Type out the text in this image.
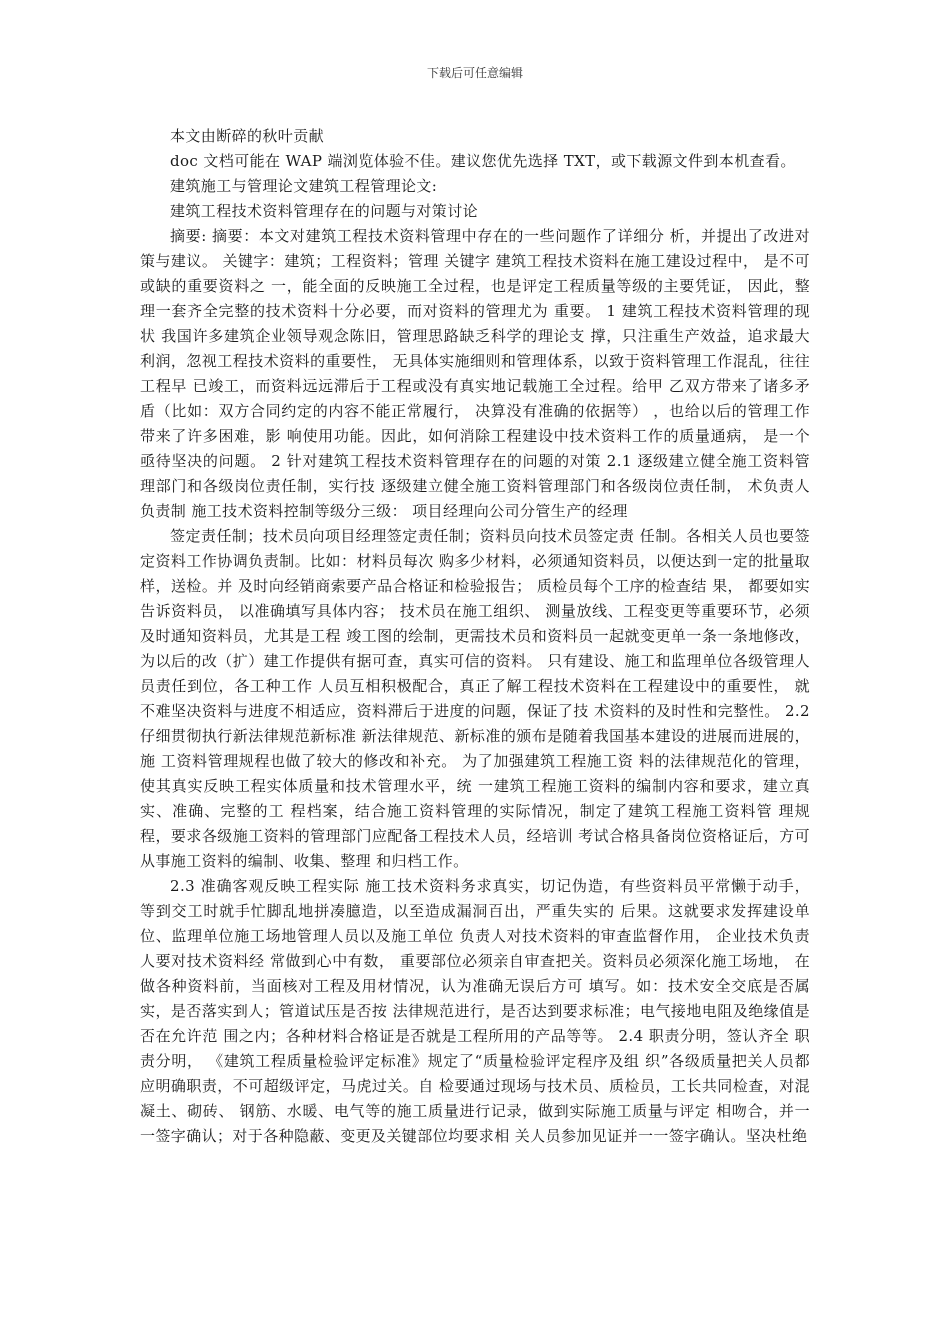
下载后可任意编辑

本文由断碎的秋叶贡献

doc 文档可能在 WAP 端浏览体验不佳。建议您优先选择 TXT，或下载源文件到本机查看。

建筑施工与管理论文建筑工程管理论文:

建筑工程技术资料管理存在的问题与对策讨论

摘要: 摘要：本文对建筑工程技术资料管理中存在的一些问题作了详细分 析，并提出了改进对策与建议。 关键字：建筑；工程资料；管理 关键字 建筑工程技术资料在施工建设过程中， 是不可或缺的重要资料之 一，能全面的反映施工全过程，也是评定工程质量等级的主要凭证， 因此，整理一套齐全完整的技术资料十分必要，而对资料的管理尤为 重要。 1 建筑工程技术资料管理的现状 我国许多建筑企业领导观念陈旧，管理思路缺乏科学的理论支 撑，只注重生产效益，追求最大利润，忽视工程技术资料的重要性， 无具体实施细则和管理体系，以致于资料管理工作混乱，往往工程早 已竣工，而资料远远滞后于工程或没有真实地记载施工全过程。给甲 乙双方带来了诸多矛盾（比如：双方合同约定的内容不能正常履行， 决算没有准确的依据等） ，也给以后的管理工作带来了许多困难，影 响使用功能。因此，如何消除工程建设中技术资料工作的质量通病， 是一个亟待坚决的问题。 2 针对建筑工程技术资料管理存在的问题的对策 2.1 逐级建立健全施工资料管理部门和各级岗位责任制，实行技 逐级建立健全施工资料管理部门和各级岗位责任制， 术负责人负责制 施工技术资料控制等级分三级： 项目经理向公司分管生产的经理

签定责任制；技术员向项目经理签定责任制；资料员向技术员签定责 任制。各相关人员也要签定资料工作协调负责制。比如：材料员每次 购多少材料，必须通知资料员，以便达到一定的批量取样，送检。并 及时向经销商索要产品合格证和检验报告； 质检员每个工序的检查结 果， 都要如实告诉资料员， 以准确填写具体内容； 技术员在施工组织、 测量放线、工程变更等重要环节，必须及时通知资料员，尤其是工程 竣工图的绘制，更需技术员和资料员一起就变更单一条一条地修改， 为以后的改（扩）建工作提供有据可查，真实可信的资料。 只有建设、施工和监理单位各级管理人员责任到位，各工种工作 人员互相积极配合，真正了解工程技术资料在工程建设中的重要性， 就不难坚决资料与进度不相适应，资料滞后于进度的问题，保证了技 术资料的及时性和完整性。 2.2 仔细贯彻执行新法律规范新标准 新法律规范、新标准的颁布是随着我国基本建设的进展而进展的，施 工资料管理规程也做了较大的修改和补充。 为了加强建筑工程施工资 料的法律规范化的管理，使其真实反映工程实体质量和技术管理水平，统 一建筑工程施工资料的编制内容和要求，建立真实、准确、完整的工 程档案，结合施工资料管理的实际情况，制定了建筑工程施工资料管 理规程，要求各级施工资料的管理部门应配备工程技术人员，经培训 考试合格具备岗位资格证后，方可从事施工资料的编制、收集、整理 和归档工作。

2.3 准确客观反映工程实际 施工技术资料务求真实，切记伪造，有些资料员平常懒于动手， 等到交工时就手忙脚乱地拼凑臆造，以至造成漏洞百出，严重失实的 后果。这就要求发挥建设单位、监理单位施工场地管理人员以及施工单位 负责人对技术资料的审查监督作用， 企业技术负责人要对技术资料经 常做到心中有数， 重要部位必须亲自审查把关。资料员必须深化施工场地， 在做各种资料前，当面核对工程及用材情况，认为准确无误后方可 填写。如：技术安全交底是否属实，是否落实到人；管道试压是否按 法律规范进行，是否达到要求标准；电气接地电阻及绝缘值是否在允许范 围之内；各种材料合格证是否就是工程所用的产品等等。 2.4 职责分明，签认齐全 职责分明， 《建筑工程质量检验评定标准》规定了“质量检验评定程序及组 织”各级质量把关人员都应明确职责，不可超级评定，马虎过关。自 检要通过现场与技术员、质检员，工长共同检查，对混凝土、砌砖、 钢筋、水暖、电气等的施工质量进行记录，做到实际施工质量与评定 相吻合，并一一签字确认；对于各种隐蔽、变更及关键部位均要求相 关人员参加见证并一一签字确认。坚决杜绝
